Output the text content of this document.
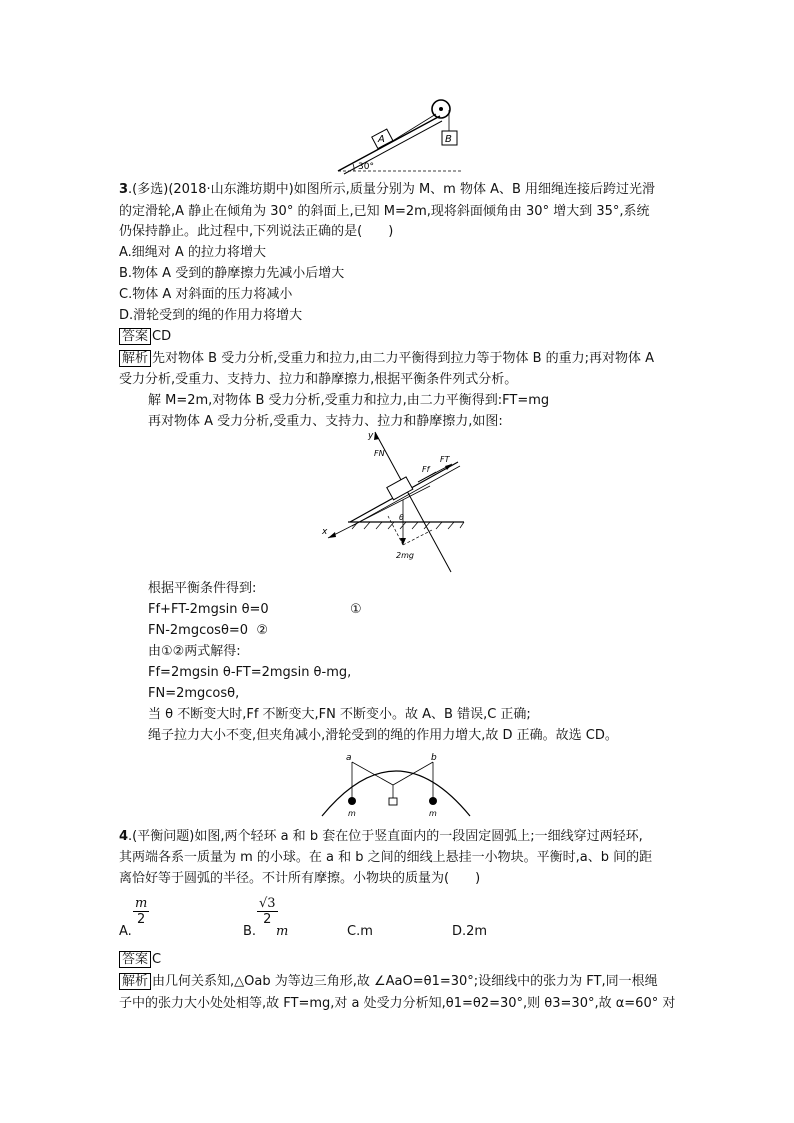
A	B
30°
3.(多选)(2018·山东潍坊期中)如图所示,质量分别为 M、m 物体 A、B 用细绳连接后跨过光滑
的定滑轮,A 静止在倾角为 30° 的斜面上,已知 M=2m,现将斜面倾角由 30° 增大到 35°,系统
仍保持静止。此过程中,下列说法正确的是(　　)
A.细绳对 A 的拉力将增大
B.物体 A 受到的静摩擦力先减小后增大
C.物体 A 对斜面的压力将减小
D.滑轮受到的绳的作用力将增大
答案 CD
解析 先对物体 B 受力分析,受重力和拉力,由二力平衡得到拉力等于物体 B 的重力;再对物体 A
受力分析,受重力、支持力、拉力和静摩擦力,根据平衡条件列式分析。
解 M=2m,对物体 B 受力分析,受重力和拉力,由二力平衡得到:FT=mg
再对物体 A 受力分析,受重力、支持力、拉力和静摩擦力,如图:
y
x
FN
FT
Ff
θ
2mg
根据平衡条件得到:
Ff+FT-2mgsin θ=0	①
FN-2mgcosθ=0 ②
由①②两式解得:
Ff=2mgsin θ-FT=2mgsin θ-mg,
FN=2mgcosθ,
当 θ 不断变大时,Ff 不断变大,FN 不断变小。故 A、B 错误,C 正确;
绳子拉力大小不变,但夹角减小,滑轮受到的绳的作用力增大,故 D 正确。故选 CD。
a	b
m	m
4.(平衡问题)如图,两个轻环 a 和 b 套在位于竖直面内的一段固定圆弧上;一细线穿过两轻环,
其两端各系一质量为 m 的小球。在 a 和 b 之间的细线上悬挂一小物块。平衡时,a、b 间的距
离恰好等于圆弧的半径。不计所有摩擦。小物块的质量为(　　)
A.
$\frac{m}{2}$
B.
$\frac{√3}{2}$
m	C.m	D.2m
答案 C
解析 由几何关系知,△Oab 为等边三角形,故 ∠AaO=θ1=30°;设细线中的张力为 FT,同一根绳
子中的张力大小处处相等,故 FT=mg,对 a 处受力分析知,θ1=θ2=30°,则 θ3=30°,故 α=60° 对
